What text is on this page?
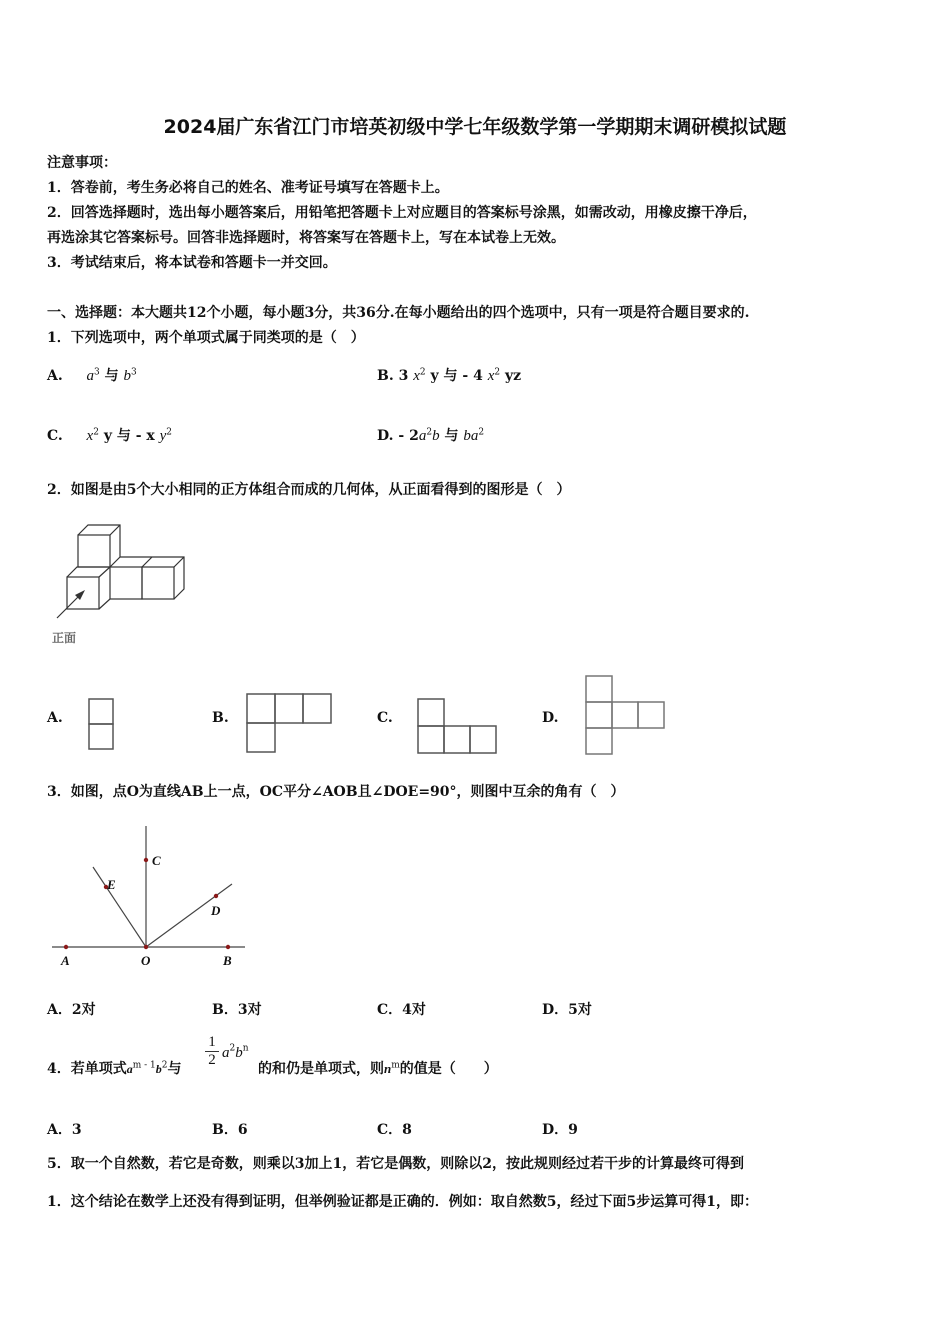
2024届广东省江门市培英初级中学七年级数学第一学期期末调研模拟试题
注意事项：
1．答卷前，考生务必将自己的姓名、准考证号填写在答题卡上。
2．回答选择题时，选出每小题答案后，用铅笔把答题卡上对应题目的答案标号涂黑，如需改动，用橡皮擦干净后，
再选涂其它答案标号。回答非选择题时，将答案写在答题卡上，写在本试卷上无效。
3．考试结束后，将本试卷和答题卡一并交回。
一、选择题：本大题共12个小题，每小题3分，共36分.在每小题给出的四个选项中，只有一项是符合题目要求的.
1．下列选项中，两个单项式属于同类项的是（　）
A. $a^3$ 与 $b^3$	B. 3 $x^2$ y 与 - 4 $x^2$ yz
C. $x^2$ y 与 - x $y^2$	D. - $2a^2b$ 与 $ba^2$
2．如图是由5个大小相同的正方体组合而成的几何体，从正面看得到的图形是（　）
正面
A.	B.	C.	D.
3．如图，点O为直线AB上一点，OC平分∠AOB且∠DOE=90°，则图中互余的角有（　）
A	O	B
C
D
E
A．2对	B．3对	C．4对	D．5对
4．若单项式$a^{m - 1}b^2$与 $\frac{1}{2} a^2b^n$
的和仍是单项式，则$n^m$的值是（　　）
A．3	B．6	C．8	D．9
5．取一个自然数，若它是奇数，则乘以3加上1，若它是偶数，则除以2，按此规则经过若干步的计算最终可得到
1．这个结论在数学上还没有得到证明，但举例验证都是正确的．例如：取自然数5，经过下面5步运算可得1，即：
